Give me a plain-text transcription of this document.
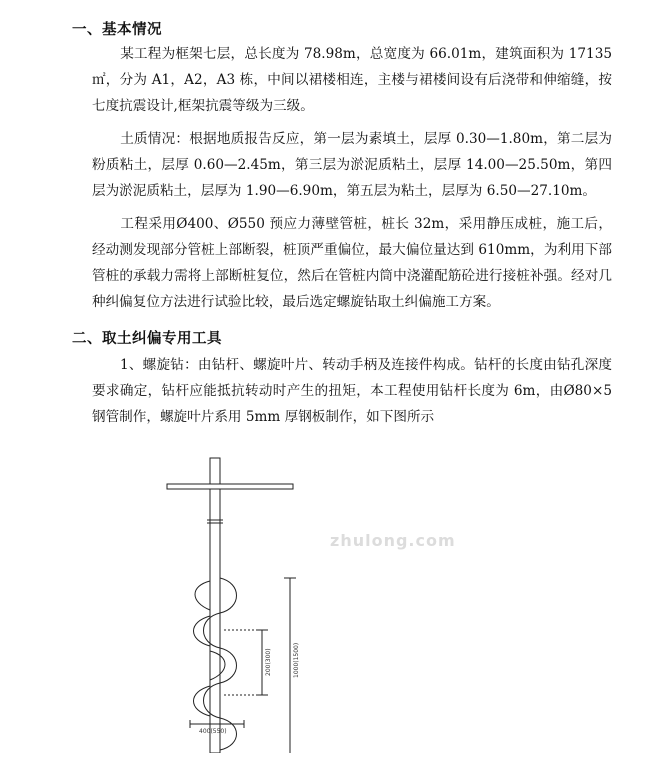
一、基本情况
某工程为框架七层，总长度为 78.98m，总宽度为 66.01m，建筑面积为 17135 ㎡，分为 A1，A2，A3 栋，中间以裙楼相连，主楼与裙楼间设有后浇带和伸缩缝，按七度抗震设计,框架抗震等级为三级。
土质情况：根据地质报告反应，第一层为素填土，层厚 0.30—1.80m，第二层为粉质粘土，层厚 0.60—2.45m，第三层为淤泥质粘土，层厚 14.00—25.50m，第四层为淤泥质粘土，层厚为 1.90—6.90m，第五层为粘土，层厚为 6.50—27.10m。
工程采用Ø400、Ø550 预应力薄壁管桩，桩长 32m，采用静压成桩，施工后，经动测发现部分管桩上部断裂，桩顶严重偏位，最大偏位量达到 610mm，为利用下部管桩的承载力需将上部断桩复位，然后在管桩内筒中浇灌配筋砼进行接桩补强。经对几种纠偏复位方法进行试验比较，最后选定螺旋钻取土纠偏施工方案。
二、取土纠偏专用工具
1、螺旋钻：由钻杆、螺旋叶片、转动手柄及连接件构成。钻杆的长度由钻孔深度要求确定，钻杆应能抵抗转动时产生的扭矩，本工程使用钻杆长度为 6m，由Ø80×5 钢管制作，螺旋叶片系用 5mm 厚钢板制作，如下图所示
200(300)	1000(1500)
400(550)
zhulong.com
